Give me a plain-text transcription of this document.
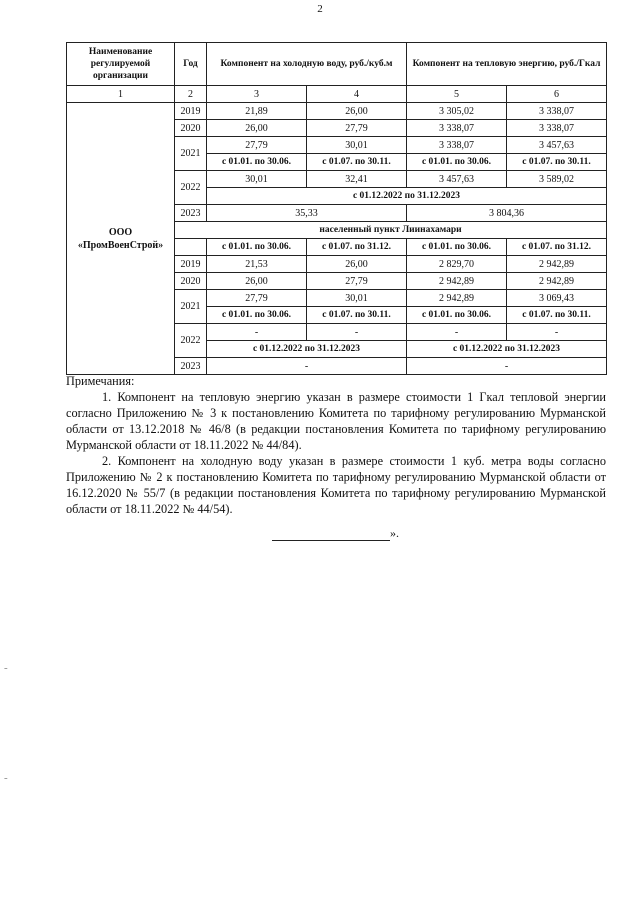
2
Наименование регулируемой организации	Год	Компонент на холодную воду, руб./куб.м		Компонент на тепловую энергию, руб./Гкал	
1	2	3	4	5	6
ООО «ПромВоенСтрой»	2019	21,89	26,00	3 305,02	3 338,07
	2020	26,00	27,79	3 338,07	3 338,07
	2021	27,79	30,01	3 338,07	3 457,63
		с 01.01. по 30.06.	с 01.07. по 30.11.	с 01.01. по 30.06.	с 01.07. по 30.11.
	2022	30,01	32,41	3 457,63	3 589,02
		с 01.12.2022 по 31.12.2023			
	2023	35,33		3 804,36	
	населенный пункт Лиинахамари				
		с 01.01. по 30.06.	с 01.07. по 31.12.	с 01.01. по 30.06.	с 01.07. по 31.12.
	2019	21,53	26,00	2 829,70	2 942,89
	2020	26,00	27,79	2 942,89	2 942,89
	2021	27,79	30,01	2 942,89	3 069,43
		с 01.01. по 30.06.	с 01.07. по 30.11.	с 01.01. по 30.06.	с 01.07. по 30.11.
	2022	-	-	-	-
		с 01.12.2022 по 31.12.2023		с 01.12.2022 по 31.12.2023	
	2023	-		-	

Примечания:

1. Компонент на тепловую энергию указан в размере стоимости 1 Гкал тепловой энергии согласно Приложению № 3 к постановлению Комитета по тарифному регулированию Мурманской области от 13.12.2018 № 46/8 (в редакции постановления Комитета по тарифному регулированию Мурманской области от 18.11.2022 № 44/84).

2. Компонент на холодную воду указан в размере стоимости 1 куб. метра воды согласно Приложению № 2 к постановлению Комитета по тарифному регулированию Мурманской области от 16.12.2020 № 55/7 (в редакции постановления Комитета по тарифному регулированию Мурманской области от 18.11.2022 № 44/54).

».
-
-
